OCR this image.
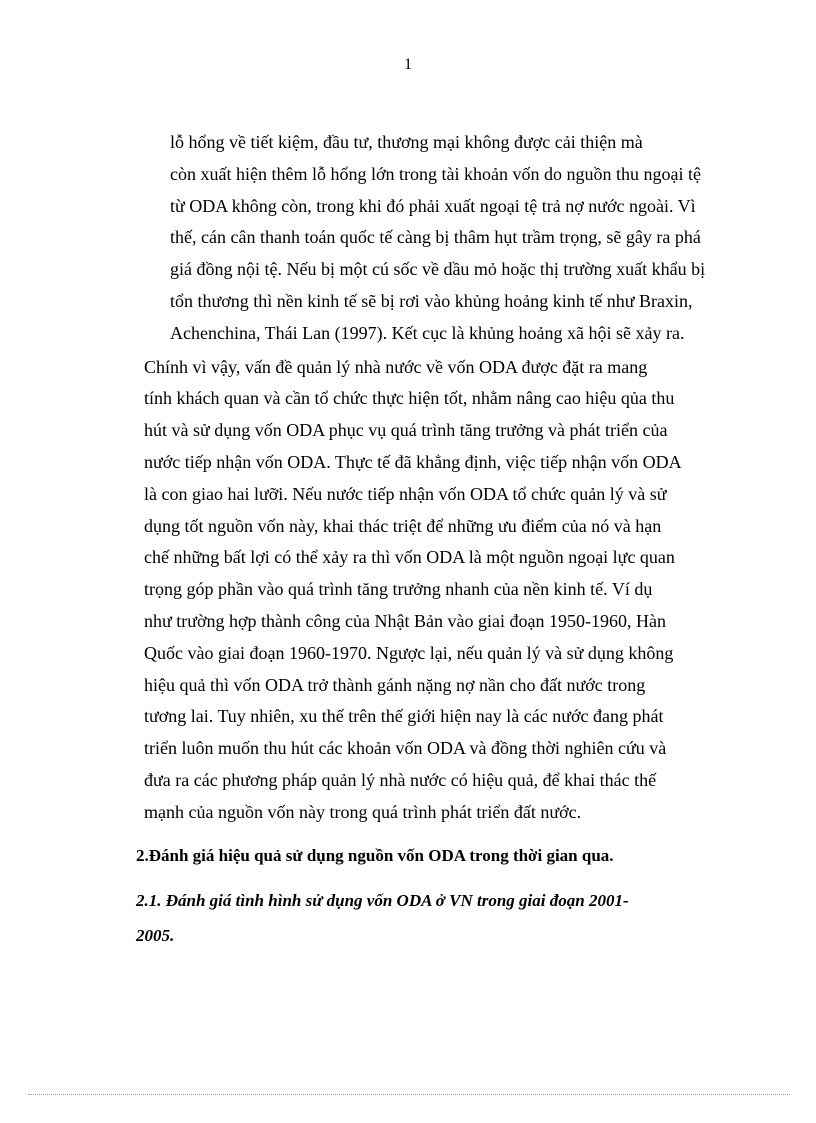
1

lỗ hổng về tiết kiệm, đầu tư, thương mại không được cải thiện mà
còn xuất hiện thêm lỗ hổng lớn trong tài khoản vốn do nguồn thu ngoại tệ
từ ODA không còn, trong khi đó phải xuất ngoại tệ trả nợ nước ngoài. Vì
thế, cán cân thanh toán quốc tế càng bị thâm hụt trầm trọng, sẽ gây ra phá
giá đồng nội tệ. Nếu bị một cú sốc về dầu mỏ hoặc thị trường xuất khẩu bị
tổn thương thì nền kinh tế sẽ bị rơi vào khủng hoảng kinh tế như Braxin,
Achenchina, Thái Lan (1997). Kết cục là khủng hoảng xã hội sẽ xảy ra.

Chính vì vậy, vấn đề quản lý nhà nước về vốn ODA được đặt ra mang
tính khách quan và cần tổ chức thực hiện tốt, nhằm nâng cao hiệu qủa thu
hút và sử dụng vốn ODA phục vụ quá trình tăng trưởng và phát triển của
nước tiếp nhận vốn ODA. Thực tế đã khẳng định, việc tiếp nhận vốn ODA
là con giao hai lưỡi. Nếu nước tiếp nhận vốn ODA tổ chức quản lý và sử
dụng tốt nguồn vốn này, khai thác triệt để những ưu điểm của nó và hạn
chế những bất lợi có thể xảy ra thì vốn ODA là một nguồn ngoại lực quan
trọng góp phần vào quá trình tăng trưởng nhanh của nền kinh tế. Ví dụ
như trường hợp thành công của Nhật Bản vào giai đoạn 1950-1960, Hàn
Quốc vào giai đoạn 1960-1970. Ngược lại, nếu quản lý và sử dụng không
hiệu quả thì vốn ODA trở thành gánh nặng nợ nần cho đất nước trong
tương lai. Tuy nhiên, xu thế trên thế giới hiện nay là các nước đang phát
triển luôn muốn thu hút các khoản vốn ODA và đồng thời nghiên cứu và
đưa ra các phương pháp quản lý nhà nước có hiệu quả, để khai thác thế
mạnh của nguồn vốn này trong quá trình phát triển đất nước.

2.Đánh giá hiệu quả sử dụng nguồn vốn ODA trong thời gian qua.
2.1. Đánh giá tình hình sử dụng vốn ODA ở VN trong giai đoạn 2001-
2005.
